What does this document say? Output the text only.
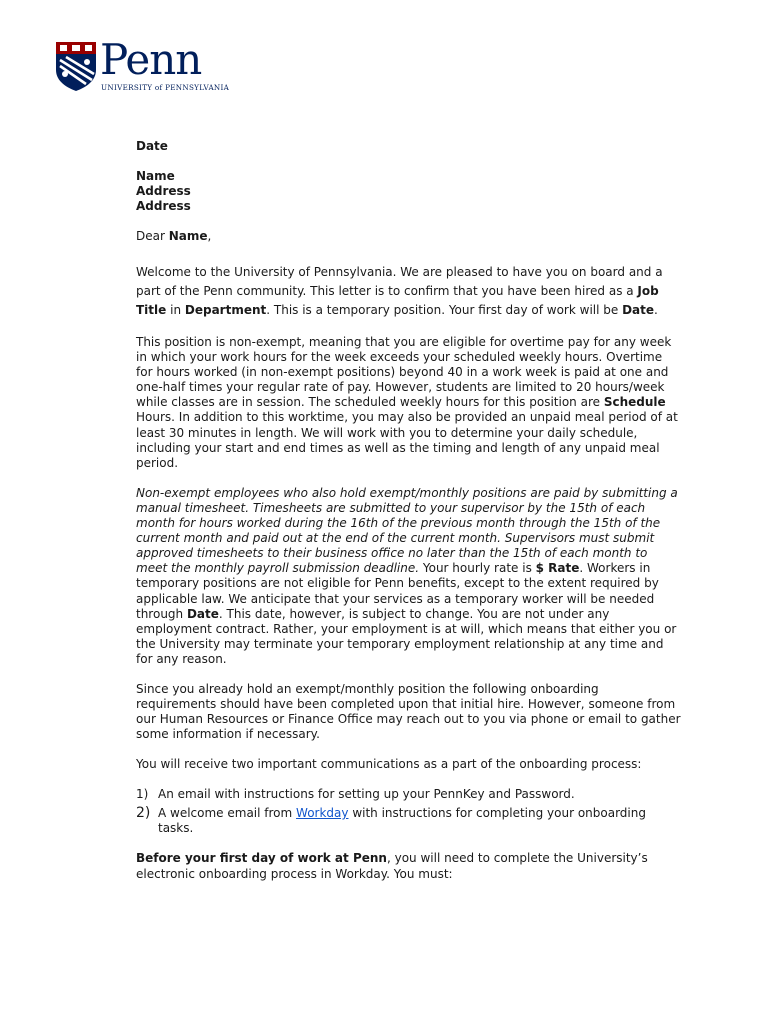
Penn
UNIVERSITY of PENNSYLVANIA

Date

Name
Address
Address

Dear Name,

Welcome to the University of Pennsylvania. We are pleased to have you on board and a part of the Penn community. This letter is to confirm that you have been hired as a Job Title in Department. This is a temporary position. Your first day of work will be Date.

This position is non-exempt, meaning that you are eligible for overtime pay for any week in which your work hours for the week exceeds your scheduled weekly hours. Overtime for hours worked (in non-exempt positions) beyond 40 in a work week is paid at one and one-half times your regular rate of pay. However, students are limited to 20 hours/week while classes are in session. The scheduled weekly hours for this position are Schedule Hours. In addition to this worktime, you may also be provided an unpaid meal period of at least 30 minutes in length. We will work with you to determine your daily schedule, including your start and end times as well as the timing and length of any unpaid meal period.

Non-exempt employees who also hold exempt/monthly positions are paid by submitting a manual timesheet. Timesheets are submitted to your supervisor by the 15th of each month for hours worked during the 16th of the previous month through the 15th of the current month and paid out at the end of the current month. Supervisors must submit approved timesheets to their business office no later than the 15th of each month to meet the monthly payroll submission deadline. Your hourly rate is $ Rate. Workers in temporary positions are not eligible for Penn benefits, except to the extent required by applicable law. We anticipate that your services as a temporary worker will be needed through Date. This date, however, is subject to change. You are not under any employment contract. Rather, your employment is at will, which means that either you or the University may terminate your temporary employment relationship at any time and for any reason.

Since you already hold an exempt/monthly position the following onboarding requirements should have been completed upon that initial hire. However, someone from our Human Resources or Finance Office may reach out to you via phone or email to gather some information if necessary.

You will receive two important communications as a part of the onboarding process:

1) An email with instructions for setting up your PennKey and Password.
2) A welcome email from Workday with instructions for completing your onboarding tasks.

Before your first day of work at Penn, you will need to complete the University’s electronic onboarding process in Workday. You must:
